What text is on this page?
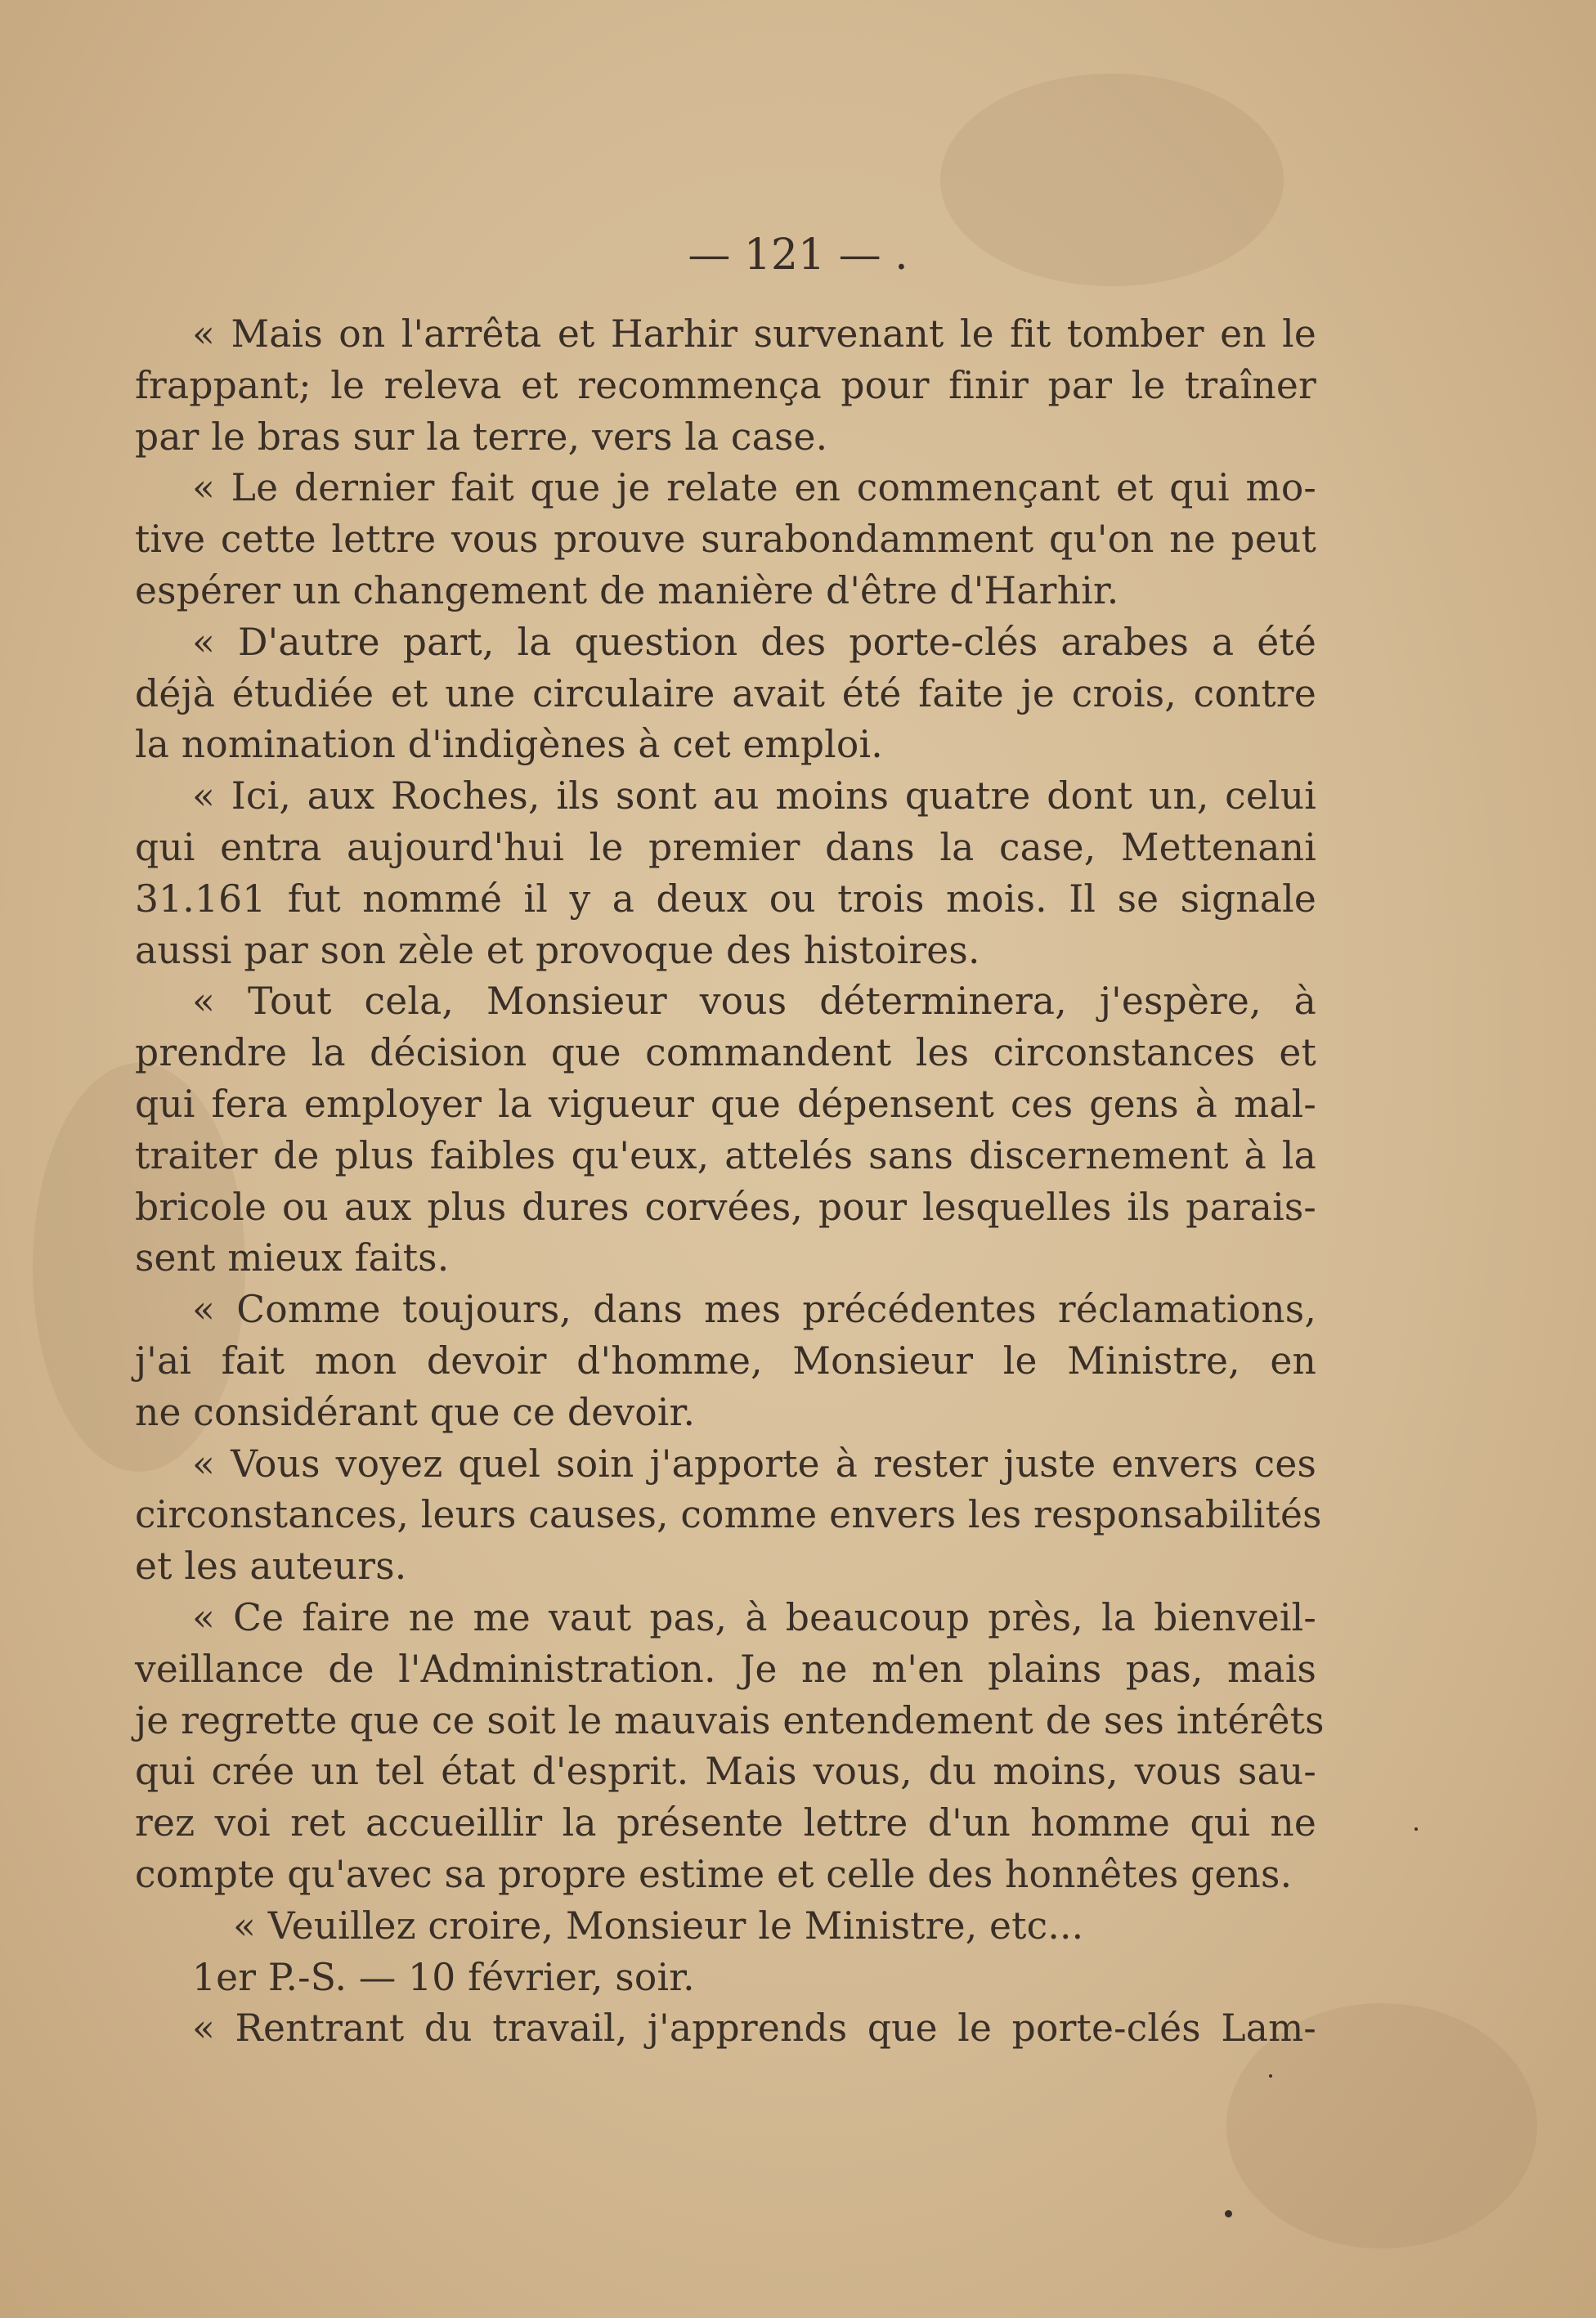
— 121 — .
« Mais on l'arrêta et Harhir survenant le fit tomber en le
frappant; le releva et recommença pour finir par le traîner
par le bras sur la terre, vers la case.
« Le dernier fait que je relate en commençant et qui mo-
tive cette lettre vous prouve surabondamment qu'on ne peut
espérer un changement de manière d'être d'Harhir.
« D'autre part, la question des porte-clés arabes a été
déjà étudiée et une circulaire avait été faite je crois, contre
la nomination d'indigènes à cet emploi.
« Ici, aux Roches, ils sont au moins quatre dont un, celui
qui entra aujourd'hui le premier dans la case, Mettenani
31.161 fut nommé il y a deux ou trois mois. Il se signale
aussi par son zèle et provoque des histoires.
« Tout cela, Monsieur vous déterminera, j'espère, à
prendre la décision que commandent les circonstances et
qui fera employer la vigueur que dépensent ces gens à mal-
traiter de plus faibles qu'eux, attelés sans discernement à la
bricole ou aux plus dures corvées, pour lesquelles ils parais-
sent mieux faits.
« Comme toujours, dans mes précédentes réclamations,
j'ai fait mon devoir d'homme, Monsieur le Ministre, en
ne considérant que ce devoir.
« Vous voyez quel soin j'apporte à rester juste envers ces
circonstances, leurs causes, comme envers les responsabilités
et les auteurs.
« Ce faire ne me vaut pas, à beaucoup près, la bienveil-
veillance de l'Administration. Je ne m'en plains pas, mais
je regrette que ce soit le mauvais entendement de ses intérêts
qui crée un tel état d'esprit. Mais vous, du moins, vous sau-
rez voi ret accueillir la présente lettre d'un homme qui ne
compte qu'avec sa propre estime et celle des honnêtes gens.
« Veuillez croire, Monsieur le Ministre, etc...
1er P.-S. — 10 février, soir.
« Rentrant du travail, j'apprends que le porte-clés Lam-
